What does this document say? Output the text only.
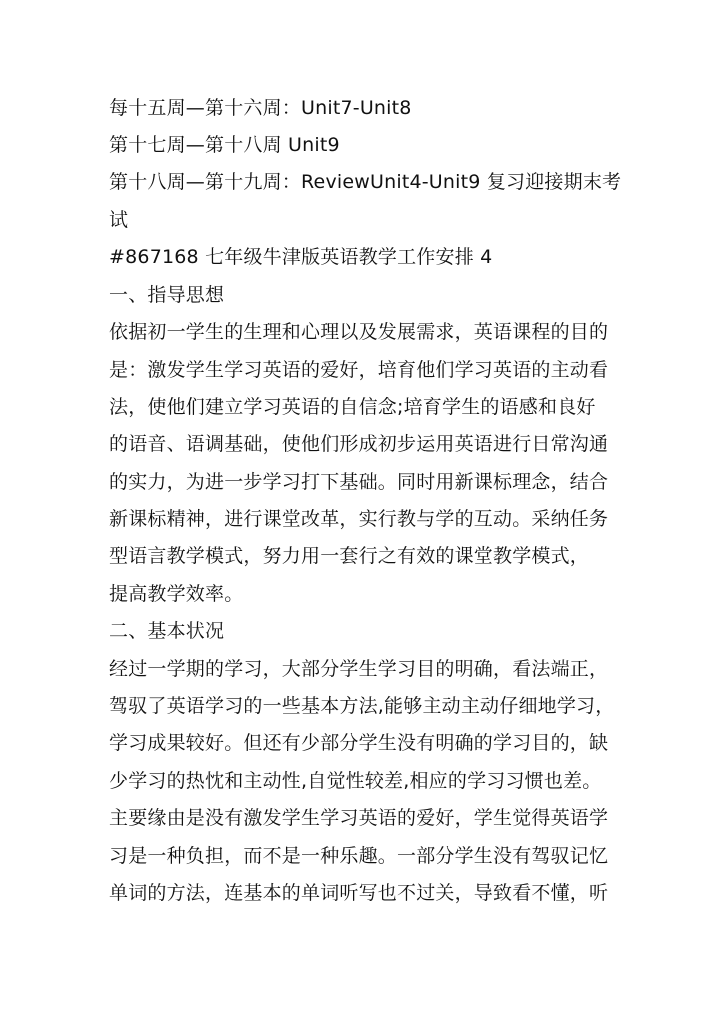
每十五周—第十六周：Unit7-Unit8
第十七周—第十八周 Unit9
第十八周—第十九周：ReviewUnit4-Unit9 复习迎接期末考
试
#867168 七年级牛津版英语教学工作安排 4
一、指导思想
依据初一学生的生理和心理以及发展需求，英语课程的目的
是：激发学生学习英语的爱好，培育他们学习英语的主动看
法，使他们建立学习英语的自信念;培育学生的语感和良好
的语音、语调基础，使他们形成初步运用英语进行日常沟通
的实力，为进一步学习打下基础。同时用新课标理念，结合
新课标精神，进行课堂改革，实行教与学的互动。采纳任务
型语言教学模式，努力用一套行之有效的课堂教学模式，
提高教学效率。
二、基本状况
经过一学期的学习，大部分学生学习目的明确，看法端正，
驾驭了英语学习的一些基本方法,能够主动主动仔细地学习，
学习成果较好。但还有少部分学生没有明确的学习目的，缺
少学习的热忱和主动性,自觉性较差,相应的学习习惯也差。
主要缘由是没有激发学生学习英语的爱好，学生觉得英语学
习是一种负担，而不是一种乐趣。一部分学生没有驾驭记忆
单词的方法，连基本的单词听写也不过关，导致看不懂，听
